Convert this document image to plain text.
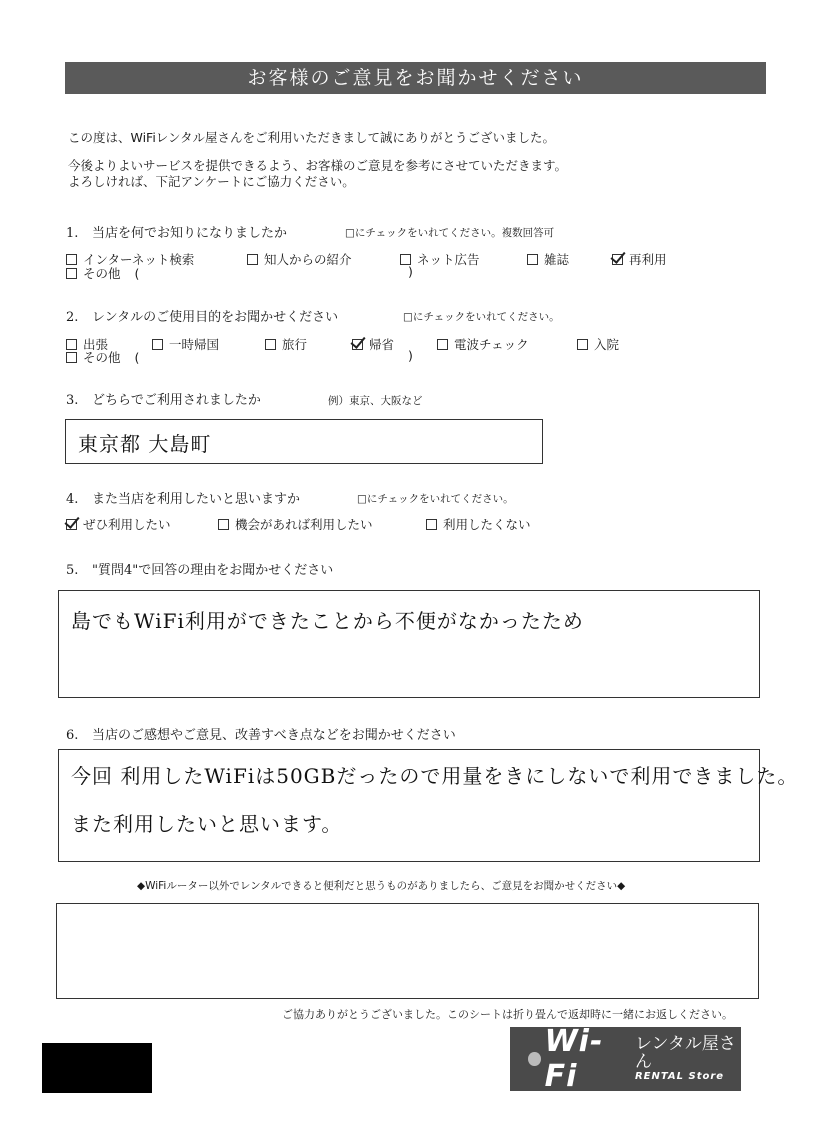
お客様のご意見をお聞かせください
この度は、WiFiレンタル屋さんをご利用いただきまして誠にありがとうございました。
今後よりよいサービスを提供できるよう、お客様のご意見を参考にさせていただきます。
よろしければ、下記アンケートにご協力ください。
1. 当店を何でお知りになりましたか	□にチェックをいれてください。複数回答可
インターネット検索	知人からの紹介	ネット広告	雑誌	再利用
その他 (	)
2. レンタルのご使用目的をお聞かせください	□にチェックをいれてください。
出張	一時帰国	旅行	帰省	電波チェック	入院
その他 (	)
3. どちらでご利用されましたか	例）東京、大阪など
東京都 大島町
4. また当店を利用したいと思いますか	□にチェックをいれてください。
ぜひ利用したい	機会があれば利用したい	利用したくない
5. "質問4"で回答の理由をお聞かせください
島でもWiFi利用ができたことから不便がなかったため
6. 当店のご感想やご意見、改善すべき点などをお聞かせください
今回 利用したWiFiは50GBだったので用量をきにしないで利用できました。
また利用したいと思います。
◆WiFiルーター以外でレンタルできると便利だと思うものがありましたら、ご意見をお聞かせください◆
ご協力ありがとうございました。このシートは折り畳んで返却時に一緒にお返しください。
Wi-Fi
レンタル屋さん
RENTAL Store
